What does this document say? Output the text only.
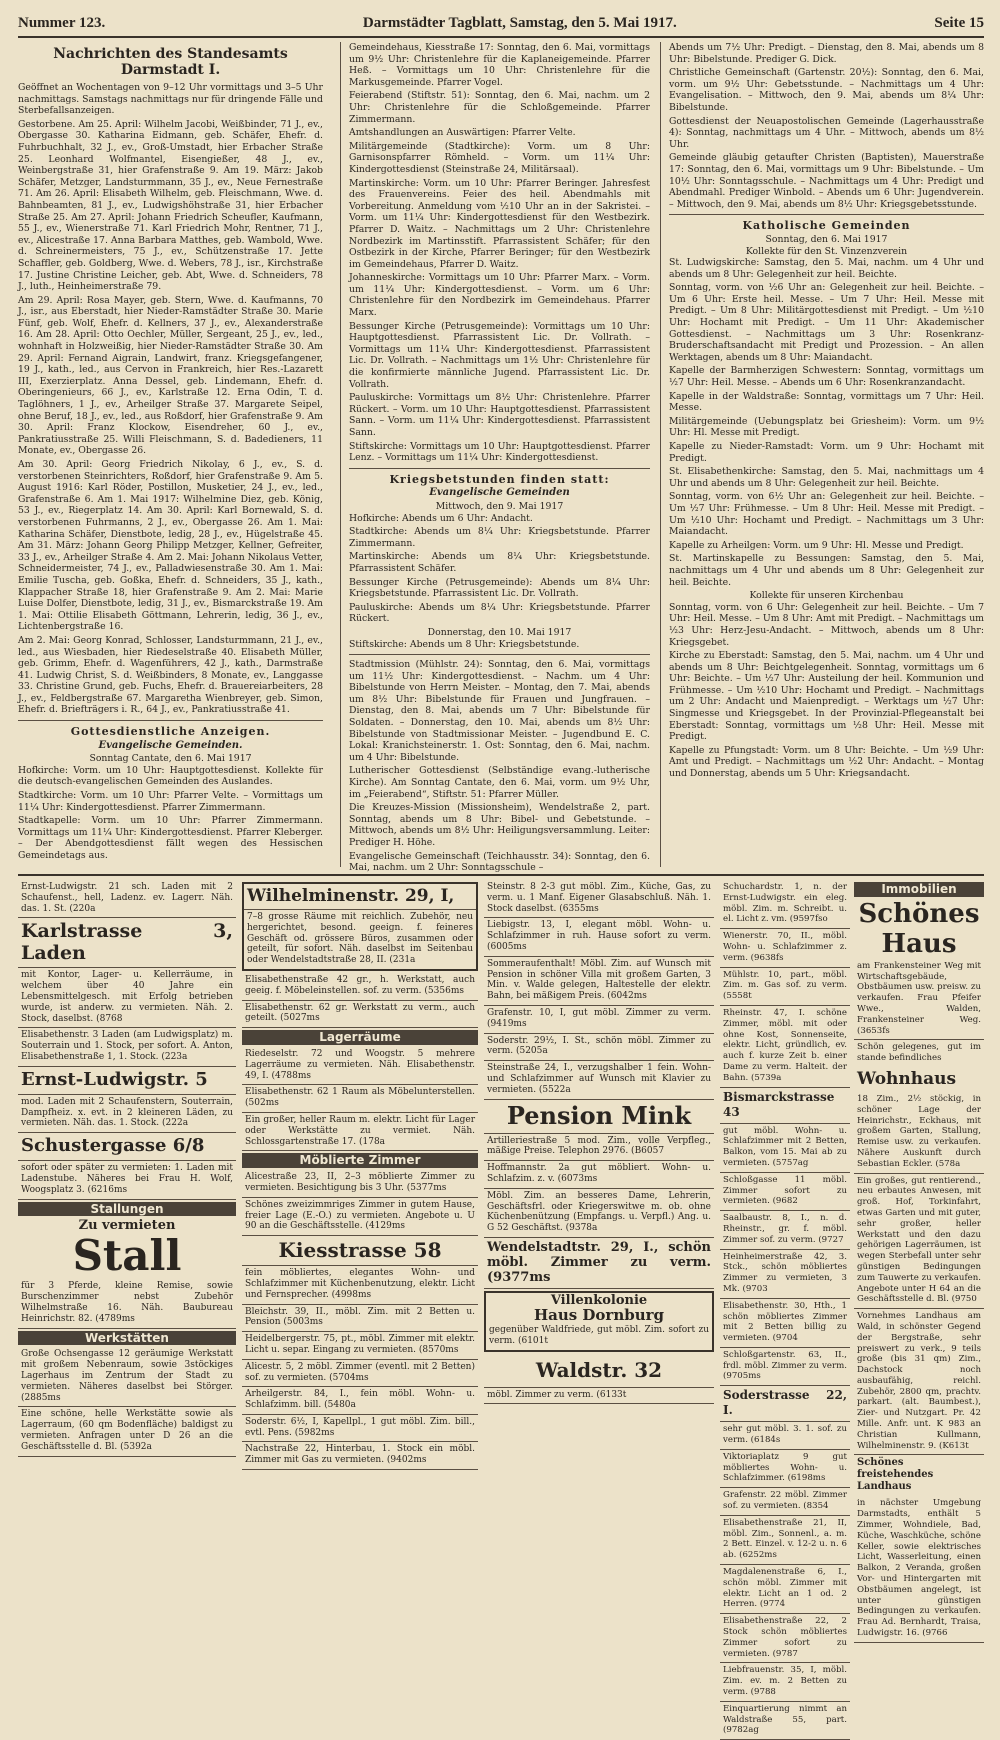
Nummer 123.	Darmstädter Tagblatt, Samstag, den 5. Mai 1917.	Seite 15
Nachrichten des Standesamts Darmstadt I.

Geöffnet an Wochentagen von 9–12 Uhr vormittags und 3–5 Uhr nachmittags. Samstags nachmittags nur für dringende Fälle und Sterbefallsanzeigen.

Gestorbene. Am 25. April: Wilhelm Jacobi, Weißbinder, 71 J., ev., Obergasse 30. Katharina Eidmann, geb. Schäfer, Ehefr. d. Fuhrbuchhalt, 32 J., ev., Groß-Umstadt, hier Erbacher Straße 25. Leonhard Wolfmantel, Eisengießer, 48 J., ev., Weinbergstraße 31, hier Grafenstraße 9. Am 19. März: Jakob Schäfer, Metzger, Landsturmmann, 35 J., ev., Neue Fernestraße 71. Am 26. April: Elisabeth Wilhelm, geb. Fleischmann, Wwe. d. Bahnbeamten, 81 J., ev., Ludwigshöhstraße 31, hier Erbacher Straße 25. Am 27. April: Johann Friedrich Scheufler, Kaufmann, 55 J., ev., Wienerstraße 71. Karl Friedrich Mohr, Rentner, 71 J., ev., Alicestraße 17. Anna Barbara Matthes, geb. Wambold, Wwe. d. Schreinermeisters, 75 J., ev., Schützenstraße 17. Jette Schaffler, geb. Goldberg, Wwe. d. Webers, 78 J., isr., Kirchstraße 17. Justine Christine Leicher, geb. Abt, Wwe. d. Schneiders, 78 J., luth., Heinheimerstraße 79.

Am 29. April: Rosa Mayer, geb. Stern, Wwe. d. Kaufmanns, 70 J., isr., aus Eberstadt, hier Nieder-Ramstädter Straße 30. Marie Fünf, geb. Wolf, Ehefr. d. Kellners, 37 J., ev., Alexanderstraße 16. Am 28. April: Otto Oechler, Müller, Sergeant, 25 J., ev., led., wohnhaft in Holzweißig, hier Nieder-Ramstädter Straße 30. Am 29. April: Fernand Aigrain, Landwirt, franz. Kriegsgefangener, 19 J., kath., led., aus Cervon in Frankreich, hier Res.-Lazarett III, Exerzierplatz. Anna Dessel, geb. Lindemann, Ehefr. d. Oberingenieurs, 66 J., ev., Karlstraße 12. Erna Odin, T. d. Taglöhners, 1 J., ev., Arheilger Straße 37. Margarete Seipel, ohne Beruf, 18 J., ev., led., aus Roßdorf, hier Grafenstraße 9. Am 30. April: Franz Klockow, Eisendreher, 60 J., ev., Pankratiusstraße 25. Willi Fleischmann, S. d. Badedieners, 11 Monate, ev., Obergasse 26.

Am 30. April: Georg Friedrich Nikolay, 6 J., ev., S. d. verstorbenen Steinrichters, Roßdorf, hier Grafenstraße 9. Am 5. August 1916: Karl Röder, Postillon, Musketier, 24 J., ev., led., Grafenstraße 6. Am 1. Mai 1917: Wilhelmine Diez, geb. König, 53 J., ev., Riegerplatz 14. Am 30. April: Karl Bornewald, S. d. verstorbenen Fuhrmanns, 2 J., ev., Obergasse 26. Am 1. Mai: Katharina Schäfer, Dienstbote, ledig, 28 J., ev., Hügelstraße 45. Am 31. März: Johann Georg Philipp Metzger, Kellner, Gefreiter, 33 J., ev., Arheilger Straße 4. Am 2. Mai: Johann Nikolaus Vetter, Schneidermeister, 74 J., ev., Palladwiesenstraße 30. Am 1. Mai: Emilie Tuscha, geb. Goßka, Ehefr. d. Schneiders, 35 J., kath., Klappacher Straße 18, hier Grafenstraße 9. Am 2. Mai: Marie Luise Dolfer, Dienstbote, ledig, 31 J., ev., Bismarckstraße 19. Am 1. Mai: Ottilie Elisabeth Göttmann, Lehrerin, ledig, 36 J., ev., Lichtenbergstraße 16.

Am 2. Mai: Georg Konrad, Schlosser, Landsturmmann, 21 J., ev., led., aus Wiesbaden, hier Riedeselstraße 40. Elisabeth Müller, geb. Grimm, Ehefr. d. Wagenführers, 42 J., kath., Darmstraße 41. Ludwig Christ, S. d. Weißbinders, 8 Monate, ev., Langgasse 33. Christine Grund, geb. Fuchs, Ehefr. d. Brauereiarbeiters, 28 J., ev., Feldbergstraße 67. Margaretha Wienbreyer, geb. Simon, Ehefr. d. Briefträgers i. R., 64 J., ev., Pankratiusstraße 41.

Gottesdienstliche Anzeigen.
Evangelische Gemeinden.
Sonntag Cantate, den 6. Mai 1917

Hofkirche: Vorm. um 10 Uhr: Hauptgottesdienst. Kollekte für die deutsch-evangelischen Gemeinden des Auslandes.

Stadtkirche: Vorm. um 10 Uhr: Pfarrer Velte. – Vormittags um 11¼ Uhr: Kindergottesdienst. Pfarrer Zimmermann.

Stadtkapelle: Vorm. um 10 Uhr: Pfarrer Zimmermann. Vormittags um 11¼ Uhr: Kindergottesdienst. Pfarrer Kleberger. – Der Abendgottesdienst fällt wegen des Hessischen Gemeindetags aus.

Gemeindehaus, Kiesstraße 17: Sonntag, den 6. Mai, vormittags um 9½ Uhr: Christenlehre für die Kaplaneigemeinde. Pfarrer Heß. – Vormittags um 10 Uhr: Christenlehre für die Markusgemeinde. Pfarrer Vogel.

Feierabend (Stiftstr. 51): Sonntag, den 6. Mai, nachm. um 2 Uhr: Christenlehre für die Schloßgemeinde. Pfarrer Zimmermann.

Amtshandlungen an Auswärtigen: Pfarrer Velte.

Militärgemeinde (Stadtkirche): Vorm. um 8 Uhr: Garnisonspfarrer Römheld. – Vorm. um 11¼ Uhr: Kindergottesdienst (Steinstraße 24, Militärsaal).

Martinskirche: Vorm. um 10 Uhr: Pfarrer Beringer. Jahresfest des Frauenvereins. Feier des heil. Abendmahls mit Vorbereitung. Anmeldung vom ½10 Uhr an in der Sakristei. – Vorm. um 11¼ Uhr: Kindergottesdienst für den Westbezirk. Pfarrer D. Waitz. – Nachmittags um 2 Uhr: Christenlehre Nordbezirk im Martinsstift. Pfarrassistent Schäfer; für den Ostbezirk in der Kirche, Pfarrer Beringer; für den Westbezirk im Gemeindehaus, Pfarrer D. Waitz.

Johanneskirche: Vormittags um 10 Uhr: Pfarrer Marx. – Vorm. um 11¼ Uhr: Kindergottesdienst. – Vorm. um 6 Uhr: Christenlehre für den Nordbezirk im Gemeindehaus. Pfarrer Marx.

Bessunger Kirche (Petrusgemeinde): Vormittags um 10 Uhr: Hauptgottesdienst. Pfarrassistent Lic. Dr. Vollrath. – Vormittags um 11¼ Uhr: Kindergottesdienst. Pfarrassistent Lic. Dr. Vollrath. – Nachmittags um 1½ Uhr: Christenlehre für die konfirmierte männliche Jugend. Pfarrassistent Lic. Dr. Vollrath.

Pauluskirche: Vormittags um 8½ Uhr: Christenlehre. Pfarrer Rückert. – Vorm. um 10 Uhr: Hauptgottesdienst. Pfarrassistent Sann. – Vorm. um 11¼ Uhr: Kindergottesdienst. Pfarrassistent Sann.

Stiftskirche: Vormittags um 10 Uhr: Hauptgottesdienst. Pfarrer Lenz. – Vormittags um 11¼ Uhr: Kindergottesdienst.

Kriegsbetstunden finden statt:
Evangelische Gemeinden
Mittwoch, den 9. Mai 1917

Hofkirche: Abends um 6 Uhr: Andacht.

Stadtkirche: Abends um 8¼ Uhr: Kriegsbetstunde. Pfarrer Zimmermann.

Martinskirche: Abends um 8¼ Uhr: Kriegsbetstunde. Pfarrassistent Schäfer.

Bessunger Kirche (Petrusgemeinde): Abends um 8¼ Uhr: Kriegsbetstunde. Pfarrassistent Lic. Dr. Vollrath.

Pauluskirche: Abends um 8¼ Uhr: Kriegsbetstunde. Pfarrer Rückert.

Donnerstag, den 10. Mai 1917

Stiftskirche: Abends um 8 Uhr: Kriegsbetstunde.

Stadtmission (Mühlstr. 24): Sonntag, den 6. Mai, vormittags um 11½ Uhr: Kindergottesdienst. – Nachm. um 4 Uhr: Bibelstunde von Herrn Meister. – Montag, den 7. Mai, abends um 8½ Uhr: Bibelstunde für Frauen und Jungfrauen. – Dienstag, den 8. Mai, abends um 7 Uhr: Bibelstunde für Soldaten. – Donnerstag, den 10. Mai, abends um 8½ Uhr: Bibelstunde von Stadtmissionar Meister. – Jugendbund E. C. Lokal: Kranichsteinerstr. 1. Ost: Sonntag, den 6. Mai, nachm. um 4 Uhr: Bibelstunde.

Lutherischer Gottesdienst (Selbständige evang.-lutherische Kirche). Am Sonntag Cantate, den 6. Mai, vorm. um 9½ Uhr, im „Feierabend“, Stiftstr. 51: Pfarrer Müller.

Die Kreuzes-Mission (Missionsheim), Wendelstraße 2, part. Sonntag, abends um 8 Uhr: Bibel- und Gebetstunde. – Mittwoch, abends um 8½ Uhr: Heiligungsversammlung. Leiter: Prediger H. Höhe.

Evangelische Gemeinschaft (Teichhausstr. 34): Sonntag, den 6. Mai, nachm. um 2 Uhr: Sonntagsschule –

Abends um 7½ Uhr: Predigt. – Dienstag, den 8. Mai, abends um 8 Uhr: Bibelstunde. Prediger G. Dick.

Christliche Gemeinschaft (Gartenstr. 20½): Sonntag, den 6. Mai, vorm. um 9½ Uhr: Gebetsstunde. – Nachmittags um 4 Uhr: Evangelisation. – Mittwoch, den 9. Mai, abends um 8¼ Uhr: Bibelstunde.

Gottesdienst der Neuapostolischen Gemeinde (Lagerhausstraße 4): Sonntag, nachmittags um 4 Uhr. – Mittwoch, abends um 8½ Uhr.

Gemeinde gläubig getaufter Christen (Baptisten), Mauerstraße 17: Sonntag, den 6. Mai, vormittags um 9 Uhr: Bibelstunde. – Um 10½ Uhr: Sonntagsschule. – Nachmittags um 4 Uhr: Predigt und Abendmahl. Prediger Winbold. – Abends um 6 Uhr: Jugendverein. – Mittwoch, den 9. Mai, abends um 8½ Uhr: Kriegsgebetsstunde.

Katholische Gemeinden
Sonntag, den 6. Mai 1917
Kollekte für den St. Vinzenzverein

St. Ludwigskirche: Samstag, den 5. Mai, nachm. um 4 Uhr und abends um 8 Uhr: Gelegenheit zur heil. Beichte.

Sonntag, vorm. von ½6 Uhr an: Gelegenheit zur heil. Beichte. – Um 6 Uhr: Erste heil. Messe. – Um 7 Uhr: Heil. Messe mit Predigt. – Um 8 Uhr: Militärgottesdienst mit Predigt. – Um ½10 Uhr: Hochamt mit Predigt. – Um 11 Uhr: Akademischer Gottesdienst. – Nachmittags um 3 Uhr: Rosenkranz-Bruderschaftsandacht mit Predigt und Prozession. – An allen Werktagen, abends um 8 Uhr: Maiandacht.

Kapelle der Barmherzigen Schwestern: Sonntag, vormittags um ½7 Uhr: Heil. Messe. – Abends um 6 Uhr: Rosenkranzandacht.

Kapelle in der Waldstraße: Sonntag, vormittags um 7 Uhr: Heil. Messe.

Militärgemeinde (Uebungsplatz bei Griesheim): Vorm. um 9½ Uhr: Hl. Messe mit Predigt.

Kapelle zu Nieder-Ramstadt: Vorm. um 9 Uhr: Hochamt mit Predigt.

St. Elisabethenkirche: Samstag, den 5. Mai, nachmittags um 4 Uhr und abends um 8 Uhr: Gelegenheit zur heil. Beichte.

Sonntag, vorm. von 6½ Uhr an: Gelegenheit zur heil. Beichte. – Um ½7 Uhr: Frühmesse. – Um 8 Uhr: Heil. Messe mit Predigt. – Um ½10 Uhr: Hochamt und Predigt. – Nachmittags um 3 Uhr: Maiandacht.

Kapelle zu Arheilgen: Vorm. um 9 Uhr: Hl. Messe und Predigt.

St. Martinskapelle zu Bessungen: Samstag, den 5. Mai, nachmittags um 4 Uhr und abends um 8 Uhr: Gelegenheit zur heil. Beichte.

Kollekte für unseren Kirchenbau

Sonntag, vorm. von 6 Uhr: Gelegenheit zur heil. Beichte. – Um 7 Uhr: Heil. Messe. – Um 8 Uhr: Amt mit Predigt. – Nachmittags um ½3 Uhr: Herz-Jesu-Andacht. – Mittwoch, abends um 8 Uhr: Kriegsgebet.

Kirche zu Eberstadt: Samstag, den 5. Mai, nachm. um 4 Uhr und abends um 8 Uhr: Beichtgelegenheit. Sonntag, vormittags um 6 Uhr: Beichte. – Um ½7 Uhr: Austeilung der heil. Kommunion und Frühmesse. – Um ½10 Uhr: Hochamt und Predigt. – Nachmittags um 2 Uhr: Andacht und Maienpredigt. – Werktags um ½7 Uhr: Singmesse und Kriegsgebet. In der Provinzial-Pflegeanstalt bei Eberstadt: Sonntag, vormittags um ½8 Uhr: Heil. Messe mit Predigt.

Kapelle zu Pfungstadt: Vorm. um 8 Uhr: Beichte. – Um ½9 Uhr: Amt und Predigt. – Nachmittags um ½2 Uhr: Andacht. – Montag und Donnerstag, abends um 5 Uhr: Kriegsandacht.

Ernst-Ludwigstr. 21 sch. Laden mit 2 Schaufenst., hell, Ladenz. ev. Lagerr. Näh. das. 1. St. (220a
Karlstrasse 3, Laden
mit Kontor, Lager- u. Kellerräume, in welchem über 40 Jahre ein Lebensmittelgesch. mit Erfolg betrieben wurde, ist anderw. zu vermieten. Näh. 2. Stock, daselbst. (8768
Elisabethenstr. 3 Laden (am Ludwigsplatz) m. Souterrain und 1. Stock, per sofort. A. Anton, Elisabethenstraße 1, 1. Stock. (223a
Ernst-Ludwigstr. 5
mod. Laden mit 2 Schaufenstern, Souterrain, Dampfheiz. x. evt. in 2 kleineren Läden, zu vermieten. Näh. das. 1. Stock. (222a
Schustergasse 6/8
sofort oder später zu vermieten: 1. Laden mit Ladenstube. Näheres bei Frau H. Wolf, Woogsplatz 3. (6216ms
Stallungen
Zu vermieten
Stall
für 3 Pferde, kleine Remise, sowie Burschenzimmer nebst Zubehör Wilhelmstraße 16. Näh. Baubureau Heinrichstr. 82. (4789ms
Werkstätten
Große Ochsengasse 12 geräumige Werkstatt mit großem Nebenraum, sowie 3stöckiges Lagerhaus im Zentrum der Stadt zu vermieten. Näheres daselbst bei Störger. (2885ms
Eine schöne, helle Werkstätte sowie als Lagerraum, (60 qm Bodenfläche) baldigst zu vermieten. Anfragen unter D 26 an die Geschäftsstelle d. Bl. (5392a
Wilhelminenstr. 29, I,
7–8 grosse Räume mit reichlich. Zubehör, neu hergerichtet, besond. geeign. f. feineres Geschäft od. grössere Büros, zusammen oder geteilt, für sofort. Näh. daselbst im Seitenbau oder Wendelstadtstraße 28, II. (231a
Elisabethenstraße 42 gr., h. Werkstatt, auch geeig. f. Möbeleinstellen. sof. zu verm. (5356ms
Elisabethenstr. 62 gr. Werkstatt zu verm., auch geteilt. (5027ms
Lagerräume
Riedeselstr. 72 und Woogstr. 5 mehrere Lagerräume zu vermieten. Näh. Elisabethenstr. 49, I. (4788ms
Elisabethenstr. 62 1 Raum als Möbelunterstellen. (502ms
Ein großer, heller Raum m. elektr. Licht für Lager oder Werkstätte zu vermiet. Näh. Schlossgartenstraße 17. (178a
Möblierte Zimmer
Alicestraße 23, II, 2–3 möblierte Zimmer zu vermieten. Besichtigung bis 3 Uhr. (5377ms
Schönes zweizimmriges Zimmer in gutem Hause, freier Lage (E.-O.) zu vermieten. Angebote u. U 90 an die Geschäftsstelle. (4129ms
Kiesstrasse 58
fein möbliertes, elegantes Wohn- und Schlafzimmer mit Küchenbenutzung, elektr. Licht und Fernsprecher. (4998ms
Bleichstr. 39, II., möbl. Zim. mit 2 Betten u. Pension (5003ms
Heidelbergerstr. 75, pt., möbl. Zimmer mit elektr. Licht u. separ. Eingang zu vermieten. (8570ms
Alicestr. 5, 2 möbl. Zimmer (eventl. mit 2 Betten) sof. zu vermieten. (5704ms
Arheilgerstr. 84, I., fein möbl. Wohn- u. Schlafzimm. bill. (5480a
Soderstr. 6½, I, Kapellpl., 1 gut möbl. Zim. bill., evtl. Pens. (5982ms
Nachstraße 22, Hinterbau, 1. Stock ein möbl. Zimmer mit Gas zu vermieten. (9402ms
Steinstr. 8 2-3 gut möbl. Zim., Küche, Gas, zu verm. u. 1 Manf. Eigener Glasabschluß. Näh. 1. Stock daselbst. (6355ms
Liebigstr. 13, I, elegant möbl. Wohn- u. Schlafzimmer in ruh. Hause sofort zu verm. (6005ms
Sommeraufenthalt! Möbl. Zim. auf Wunsch mit Pension in schöner Villa mit großem Garten, 3 Min. v. Walde gelegen, Haltestelle der elektr. Bahn, bei mäßigem Preis. (6042ms
Grafenstr. 10, I, gut möbl. Zimmer zu verm. (9419ms
Soderstr. 29½, I. St., schön möbl. Zimmer zu verm. (5205a
Steinstraße 24, I., verzugshalber 1 fein. Wohn- und Schlafzimmer auf Wunsch mit Klavier zu vermieten. (5522a
Pension Mink
Artilleriestraße 5 mod. Zim., volle Verpfleg., mäßige Preise. Telephon 2976. (B6057
Hoffmannstr. 2a gut möbliert. Wohn- u. Schlafzim. z. v. (6073ms
Möbl. Zim. an besseres Dame, Lehrerin, Geschäftsfrl. oder Kriegerswitwe m. ob. ohne Küchenbenützung (Empfangs. u. Verpfl.) Ang. u. G 52 Geschäftst. (9378a
Wendelstadtstr. 29, I., schön möbl. Zimmer zu verm. (9377ms
Villenkolonie
Haus Dornburg
gegenüber Waldfriede, gut möbl. Zim. sofort zu verm. (6101t
Waldstr. 32
möbl. Zimmer zu verm. (6133t
Schuchardstr. 1, n. der Ernst-Ludwigstr. ein eleg. möbl. Zim. m. Schreibt. u. el. Licht z. vm. (9597fso
Wienerstr. 70, II., möbl. Wohn- u. Schlafzimmer z. verm. (9638fs
Mühlstr. 10, part., möbl. Zim. m. Gas sof. zu verm. (5558t
Rheinstr. 47, I. schöne Zimmer, möbl. mit oder ohne Kost, Sonnenseite, elektr. Licht, gründlich, ev. auch f. kurze Zeit b. einer Dame zu verm. Halteit. der Bahn. (5739a
Bismarckstrasse 43
gut möbl. Wohn- u. Schlafzimmer mit 2 Betten, Balkon, vom 15. Mai ab zu vermieten. (5757ag
Schloßgasse 11 möbl. Zimmer sofort zu vermieten. (9682
Saalbaustr. 8, I., n. d. Rheinstr., gr. f. möbl. Zimmer sof. zu verm. (9727
Heinheimerstraße 42, 3. Stck., schön möbliertes Zimmer zu vermieten, 3 Mk. (9703
Elisabethenstr. 30, Hth., 1 schön möbliertes Zimmer mit 2 Betten billig zu vermieten. (9704
Schloßgartenstr. 63, II., frdl. möbl. Zimmer zu verm. (9705ms
Soderstrasse 22, I.
sehr gut möbl. 3. 1. sof. zu verm. (6184s
Viktoriaplatz 9 gut möbliertes Wohn- u. Schlafzimmer. (6198ms
Grafenstr. 22 möbl. Zimmer sof. zu vermieten. (8354
Elisabethenstraße 21, II, möbl. Zim., Sonnenl., a. m. 2 Bett. Einzel. v. 12-2 u. n. 6 ab. (6252ms
Magdalenenstraße 6, I., schön möbl. Zimmer mit elektr. Licht an 1 od. 2 Herren. (9774
Elisabethenstraße 22, 2 Stock schön möbliertes Zimmer sofort zu vermieten. (9787
Liebfrauenstr. 35, I, möbl. Zim. ev. m. 2 Betten zu verm. (9788
Einquartierung nimmt an Waldstraße 55, part. (9782ag
Immobilien
Schönes Haus
am Frankensteiner Weg mit Wirtschaftsgebäude, Obstbäumen usw. preisw. zu verkaufen. Frau Pfeifer Wwe., Walden, Frankensteiner Weg. (3653fs
Schön gelegenes, gut im stande befindliches
Wohnhaus
18 Zim., 2½ stöckig, in schöner Lage der Heinrichstr., Eckhaus, mit großem Garten, Stallung, Remise usw. zu verkaufen. Nähere Auskunft durch Sebastian Eckler. (578a
Ein großes, gut rentierend., neu erbautes Anwesen, mit groß. Hof, Torkinfahrt, etwas Garten und mit guter, sehr großer, heller Werkstatt und den dazu gehörigen Lagerräumen, ist wegen Sterbefall unter sehr günstigen Bedingungen zum Tauwerte zu verkaufen. Angebote unter H 64 an die Geschäftsstelle d. Bl. (9750
Vornehmes Landhaus am Wald, in schönster Gegend der Bergstraße, sehr preiswert zu verk., 9 teils große (bis 31 qm) Zim., Dachstock noch ausbaufähig, reichl. Zubehör, 2800 qm, prachtv. parkart. (alt. Baumbest.), Zier- und Nutzgart. Pr. 42 Mille. Anfr. unt. K 983 an Christian Kullmann, Wilhelminenstr. 9. (K613t
Schönes freistehendes Landhaus
in nächster Umgebung Darmstadts, enthält 5 Zimmer, Wohndiele, Bad, Küche, Waschküche, schöne Keller, sowie elektrisches Licht, Wasserleitung, einen Balkon, 2 Veranda, großen Vor- und Hintergarten mit Obstbäumen angelegt, ist unter günstigen Bedingungen zu verkaufen. Frau Ad. Bernhardt, Traisa, Ludwigstr. 16. (9766
